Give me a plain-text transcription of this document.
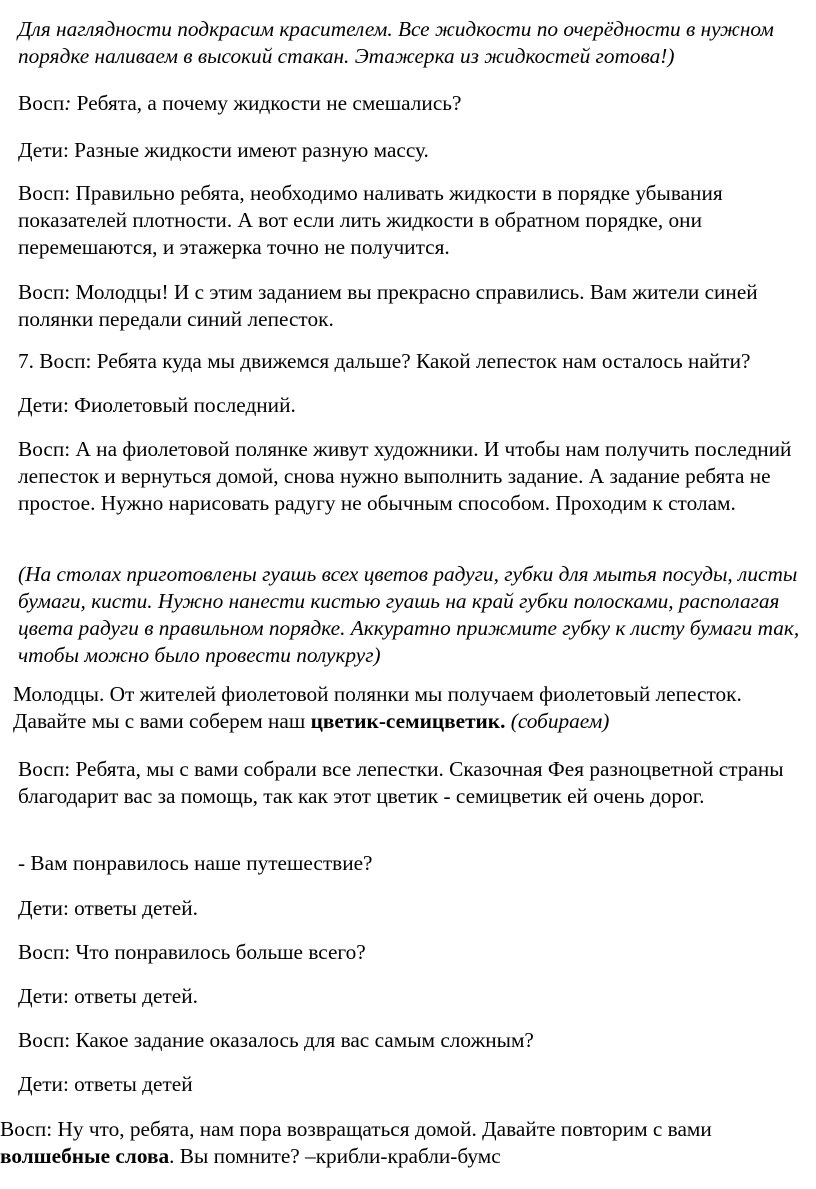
Для наглядности подкрасим красителем. Все жидкости по очерёдности в нужном порядке наливаем в высокий стакан. Этажерка из жидкостей готова!)

Восп: Ребята, а почему жидкости не смешались?

Дети: Разные жидкости имеют разную массу.

Восп: Правильно ребята, необходимо наливать жидкости в порядке убывания показателей плотности. А вот если лить жидкости в обратном порядке, они перемешаются, и этажерка точно не получится.

Восп: Молодцы! И с этим заданием вы прекрасно справились. Вам жители синей полянки передали синий лепесток.

7. Восп: Ребята куда мы движемся дальше? Какой лепесток нам осталось найти?

Дети: Фиолетовый последний.

Восп: А на фиолетовой полянке живут художники. И чтобы нам получить последний лепесток и вернуться домой, снова нужно выполнить задание. А задание ребята не простое. Нужно нарисовать радугу не обычным способом. Проходим к столам.

(На столах приготовлены гуашь всех цветов радуги, губки для мытья посуды, листы бумаги, кисти. Нужно нанести кистью гуашь на край губки полосками, располагая цвета радуги в правильном порядке. Аккуратно прижмите губку к листу бумаги так, чтобы можно было провести полукруг)

Молодцы. От жителей фиолетовой полянки мы получаем фиолетовый лепесток. Давайте мы с вами соберем наш цветик-семицветик. (собираем)

Восп: Ребята, мы с вами собрали все лепестки. Сказочная Фея разноцветной страны благодарит вас за помощь, так как этот цветик - семицветик ей очень дорог.

- Вам понравилось наше путешествие?

Дети: ответы детей.

Восп: Что понравилось больше всего?

Дети: ответы детей.

Восп: Какое задание оказалось для вас самым сложным?

Дети: ответы детей

Восп: Ну что, ребята, нам пора возвращаться домой. Давайте повторим с вами волшебные слова. Вы помните? –крибли-крабли-бумс
